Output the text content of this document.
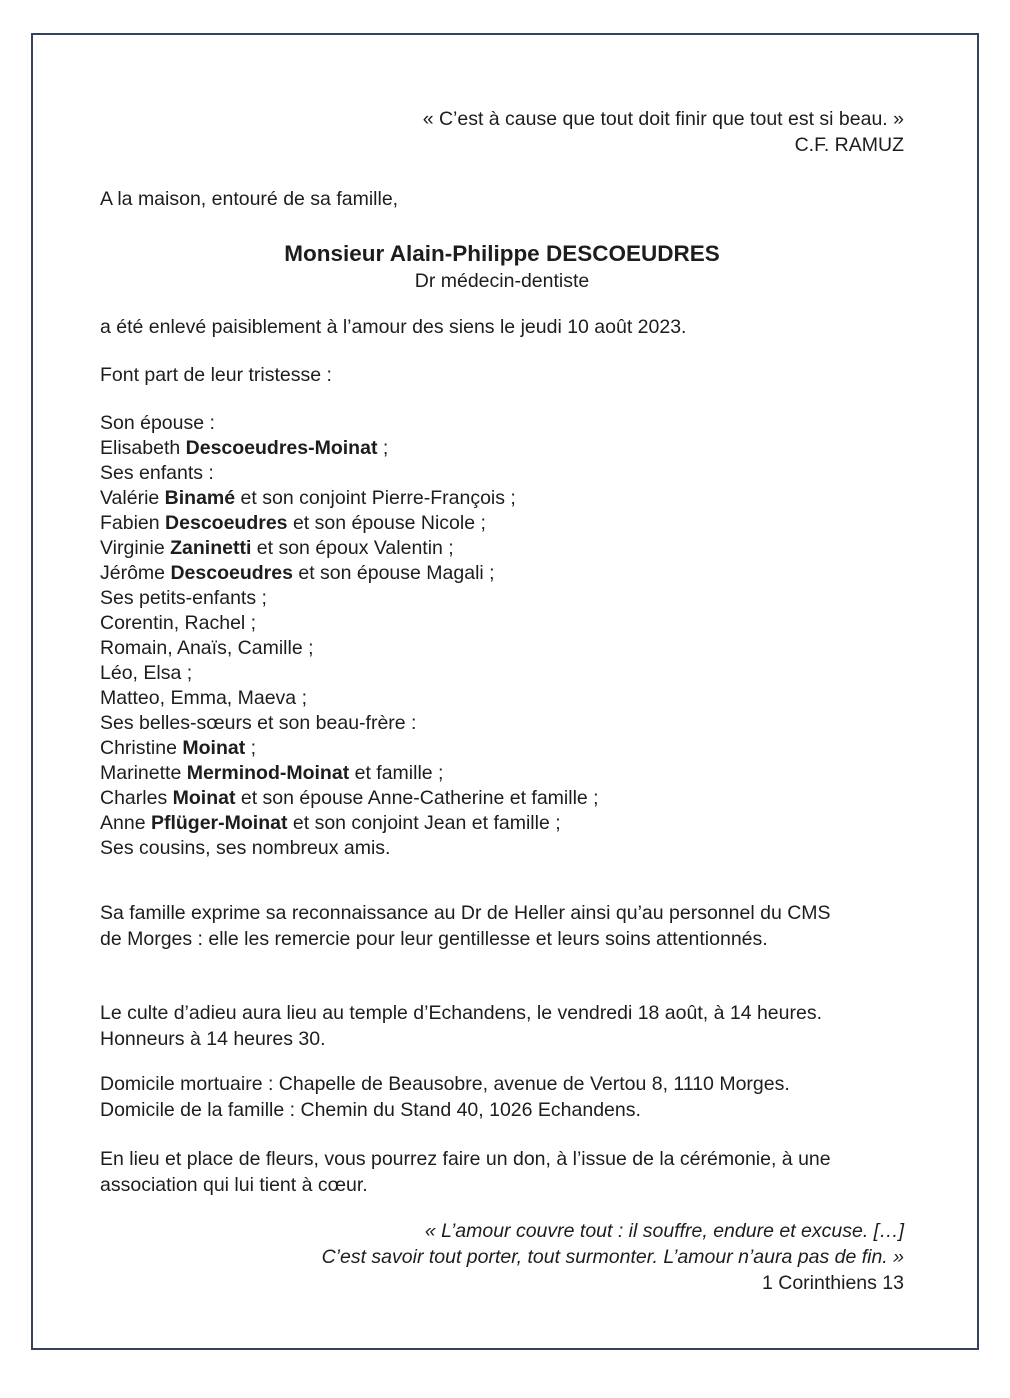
« C’est à cause que tout doit finir que tout est si beau. »
C.F. RAMUZ
A la maison, entouré de sa famille,
Monsieur Alain-Philippe DESCOEUDRES
Dr médecin-dentiste
a été enlevé paisiblement à l’amour des siens le jeudi 10 août 2023.
Font part de leur tristesse :
Son épouse :
Elisabeth Descoeudres-Moinat ;
Ses enfants :
Valérie Binamé et son conjoint Pierre-François ;
Fabien Descoeudres et son épouse Nicole ;
Virginie Zaninetti et son époux Valentin ;
Jérôme Descoeudres et son épouse Magali ;
Ses petits-enfants ;
Corentin, Rachel ;
Romain, Anaïs, Camille ;
Léo, Elsa ;
Matteo, Emma, Maeva ;
Ses belles-sœurs et son beau-frère :
Christine Moinat ;
Marinette Merminod-Moinat et famille ;
Charles Moinat et son épouse Anne-Catherine et famille ;
Anne Pflüger-Moinat et son conjoint Jean et famille ;
Ses cousins, ses nombreux amis.
Sa famille exprime sa reconnaissance au Dr de Heller ainsi qu’au personnel du CMS
de Morges : elle les remercie pour leur gentillesse et leurs soins attentionnés.
Le culte d’adieu aura lieu au temple d’Echandens, le vendredi 18 août, à 14 heures.
Honneurs à 14 heures 30.
Domicile mortuaire : Chapelle de Beausobre, avenue de Vertou 8, 1110 Morges.
Domicile de la famille : Chemin du Stand 40, 1026 Echandens.
En lieu et place de fleurs, vous pourrez faire un don, à l’issue de la cérémonie, à une
association qui lui tient à cœur.
« L’amour couvre tout : il souffre, endure et excuse. […]
C’est savoir tout porter, tout surmonter. L’amour n’aura pas de fin. »
1 Corinthiens 13
